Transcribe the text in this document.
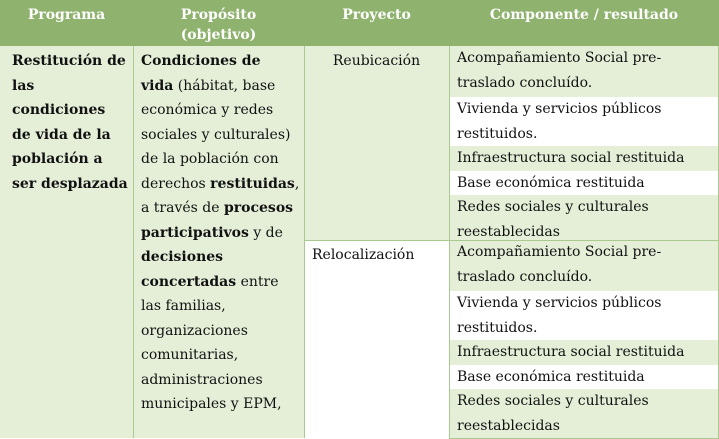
Programa	Propósito
(objetivo)
Proyecto	Componente / resultado
Restitución de
las
condiciones
de vida de la
población a
ser desplazada
Condiciones de
vida (hábitat, base
económica y redes
sociales y culturales)
de la población con
derechos restituidas,
a través de procesos
participativos y de
decisiones
concertadas entre
las familias,
organizaciones
comunitarias,
administraciones
municipales y EPM,
Reubicación
Relocalización
Acompañamiento Social pre-
traslado concluído.
Vivienda y servicios públicos
restituidos.
Infraestructura social restituida
Base económica restituida
Redes sociales y culturales
reestablecidas
Acompañamiento Social pre-
traslado concluído.
Vivienda y servicios públicos
restituidos.
Infraestructura social restituida
Base económica restituida
Redes sociales y culturales
reestablecidas
